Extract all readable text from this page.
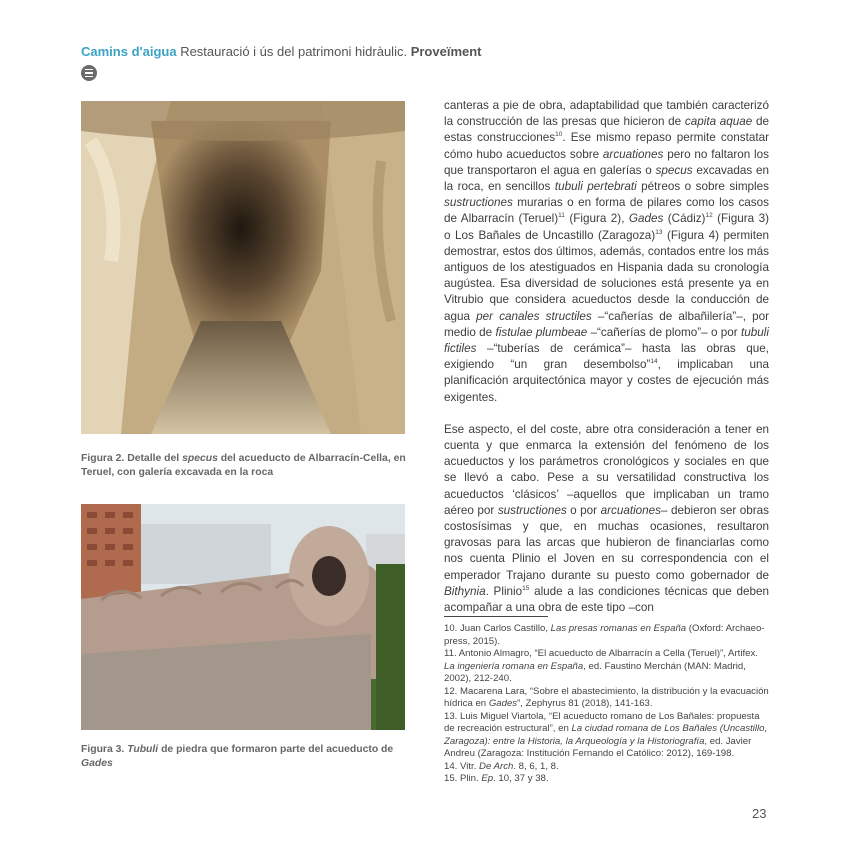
Camins d'aigua Restauració i ús del patrimoni hidràulic. Proveïment
Figura 2. Detalle del specus del acueducto de Albarracín-Cella, en Teruel, con galería excavada en la roca
Figura 3. Tubuli de piedra que formaron parte del acueducto de Gades

canteras a pie de obra, adaptabilidad que también caracterizó la construcción de las presas que hicieron de capita aquae de estas construcciones$^{10}$. Ese mismo repaso permite constatar cómo hubo acueductos sobre arcuationes pero no faltaron los que transportaron el agua en galerías o specus excavadas en la roca, en sencillos tubuli pertebrati pétreos o sobre simples sustructiones murarias o en forma de pilares como los casos de Albarracín (Teruel)$^{11}$ (Figura 2), Gades (Cádiz)$^{12}$ (Figura 3) o Los Bañales de Uncastillo (Zaragoza)$^{13}$ (Figura 4) permiten demostrar, estos dos últimos, además, contados entre los más antiguos de los atestiguados en Hispania dada su cronología augústea. Esa diversidad de soluciones está presente ya en Vitrubio que considera acueductos desde la conducción de agua per canales structiles –“cañerías de albañilería”–, por medio de fistulae plumbeae –“cañerías de plomo”– o por tubuli fictiles –“tuberías de cerámica”– hasta las obras que, exigiendo “un gran desembolso”$^{14}$, implicaban una planificación arquitectónica mayor y costes de ejecución más exigentes.

Ese aspecto, el del coste, abre otra consideración a tener en cuenta y que enmarca la extensión del fenómeno de los acueductos y los parámetros cronológicos y sociales en que se llevó a cabo. Pese a su versatilidad constructiva los acueductos ‘clásicos’ –aquellos que implicaban un tramo aéreo por sustructiones o por arcuationes– debieron ser obras costosísimas y que, en muchas ocasiones, resultaron gravosas para las arcas que hubieron de financiarlas como nos cuenta Plinio el Joven en su correspondencia con el emperador Trajano durante su puesto como gobernador de Bithynia. Plinio$^{15}$ alude a las condiciones técnicas que deben acompañar a una obra de este tipo –con

10. Juan Carlos Castillo, Las presas romanas en España (Oxford: Archaeo-press, 2015).
11. Antonio Almagro, “El acueducto de Albarracín a Cella (Teruel)”, Artifex. La ingeniería romana en España, ed. Faustino Merchán (MAN: Madrid, 2002), 212-240.
12. Macarena Lara, “Sobre el abastecimiento, la distribución y la evacuación hídrica en Gades”, Zephyrus 81 (2018), 141-163.
13. Luis Miguel Viartola, “El acueducto romano de Los Bañales: propuesta de recreación estructural”, en La ciudad romana de Los Bañales (Uncastillo, Zaragoza): entre la Historia, la Arqueología y la Historiografía, ed. Javier Andreu (Zaragoza: Institución Fernando el Católico: 2012), 169-198.
14. Vitr. De Arch. 8, 6, 1, 8.
15. Plin. Ep. 10, 37 y 38.
23
